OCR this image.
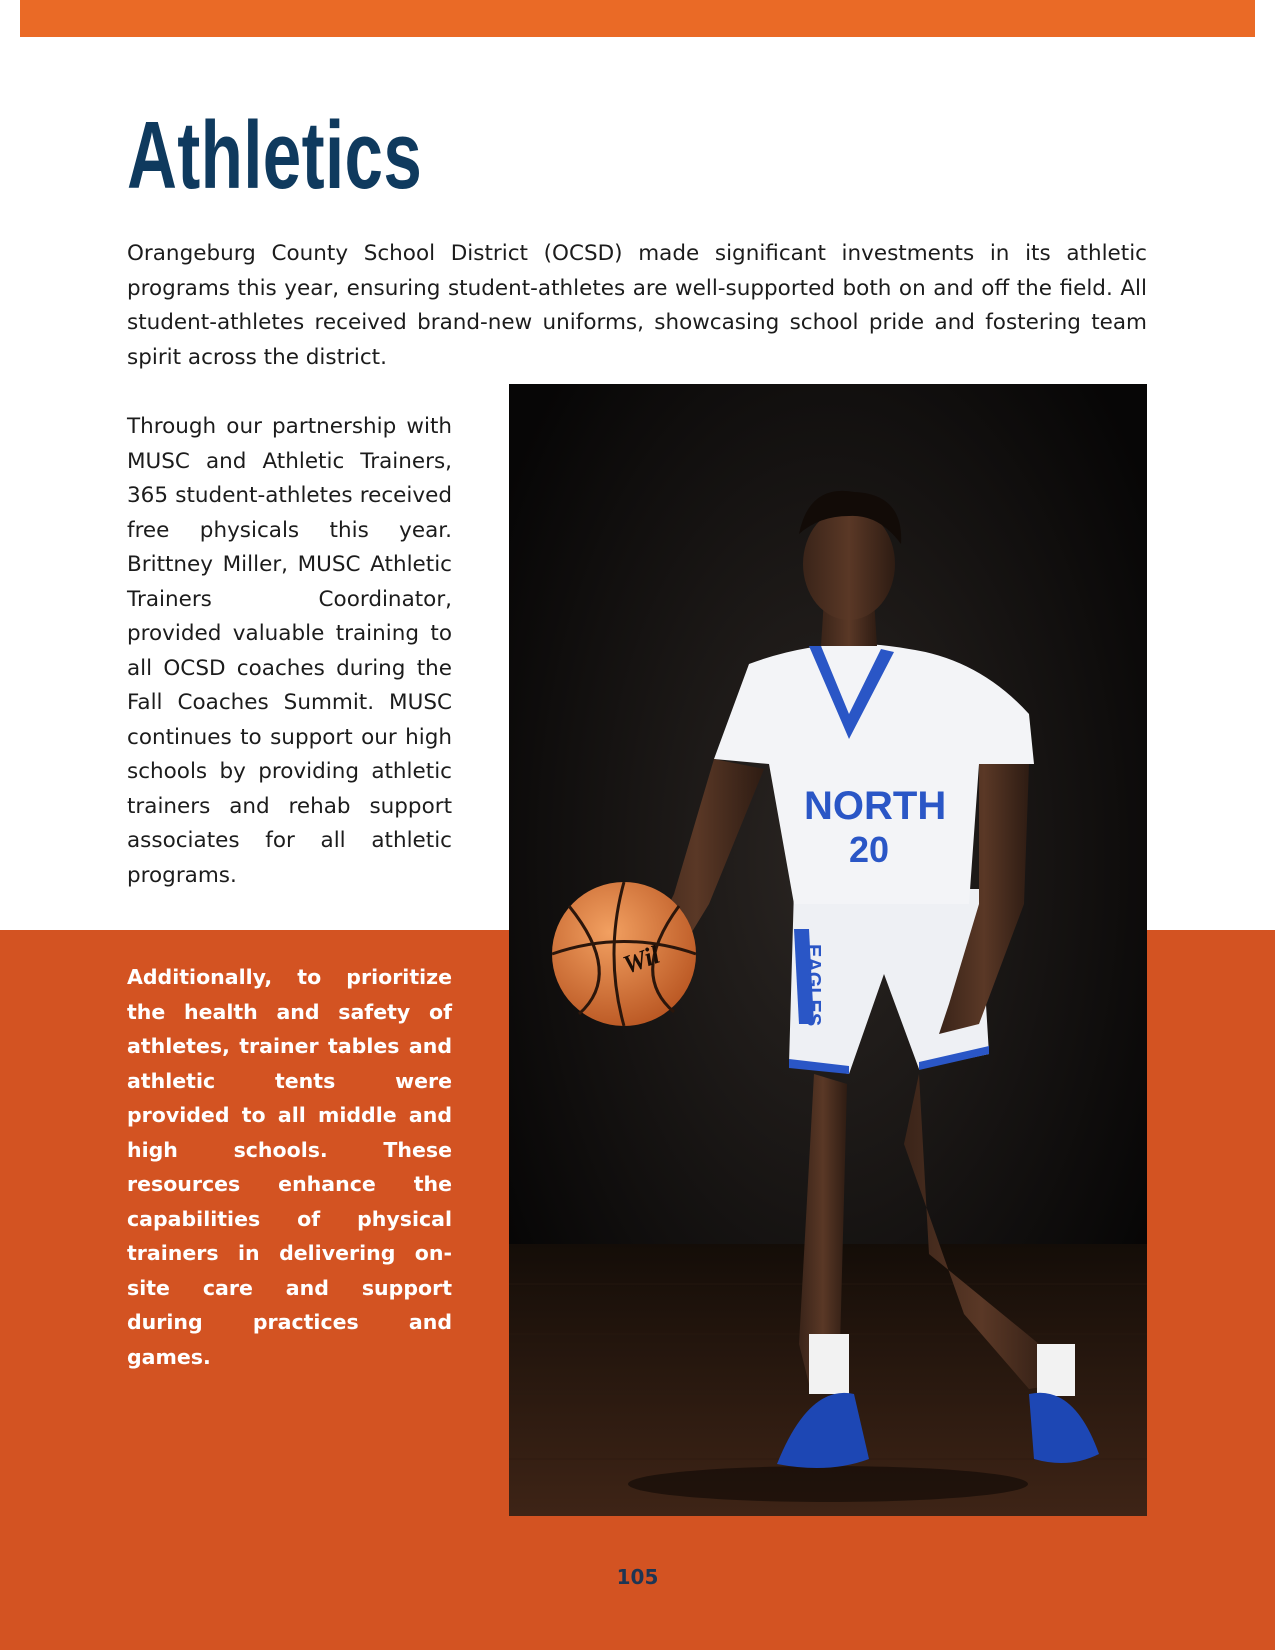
Athletics

Orangeburg County School District (OCSD) made significant investments in its athletic programs this year, ensuring student-athletes are well-supported both on and off the field. All student-athletes received brand-new uniforms, showcasing school pride and fostering team spirit across the district.

Through our partnership with MUSC and Athletic Trainers, 365 student-athletes received free physicals this year. Brittney Miller, MUSC Athletic Trainers Coordinator, provided valuable training to all OCSD coaches during the Fall Coaches Summit. MUSC continues to support our high schools by providing athletic trainers and rehab support associates for all athletic programs.

Additionally, to prioritize the health and safety of athletes, trainer tables and athletic tents were provided to all middle and high schools. These resources enhance the capabilities of physical trainers in delivering on-site care and support during practices and games.

NORTH
20
EAGLES
Wil
105
